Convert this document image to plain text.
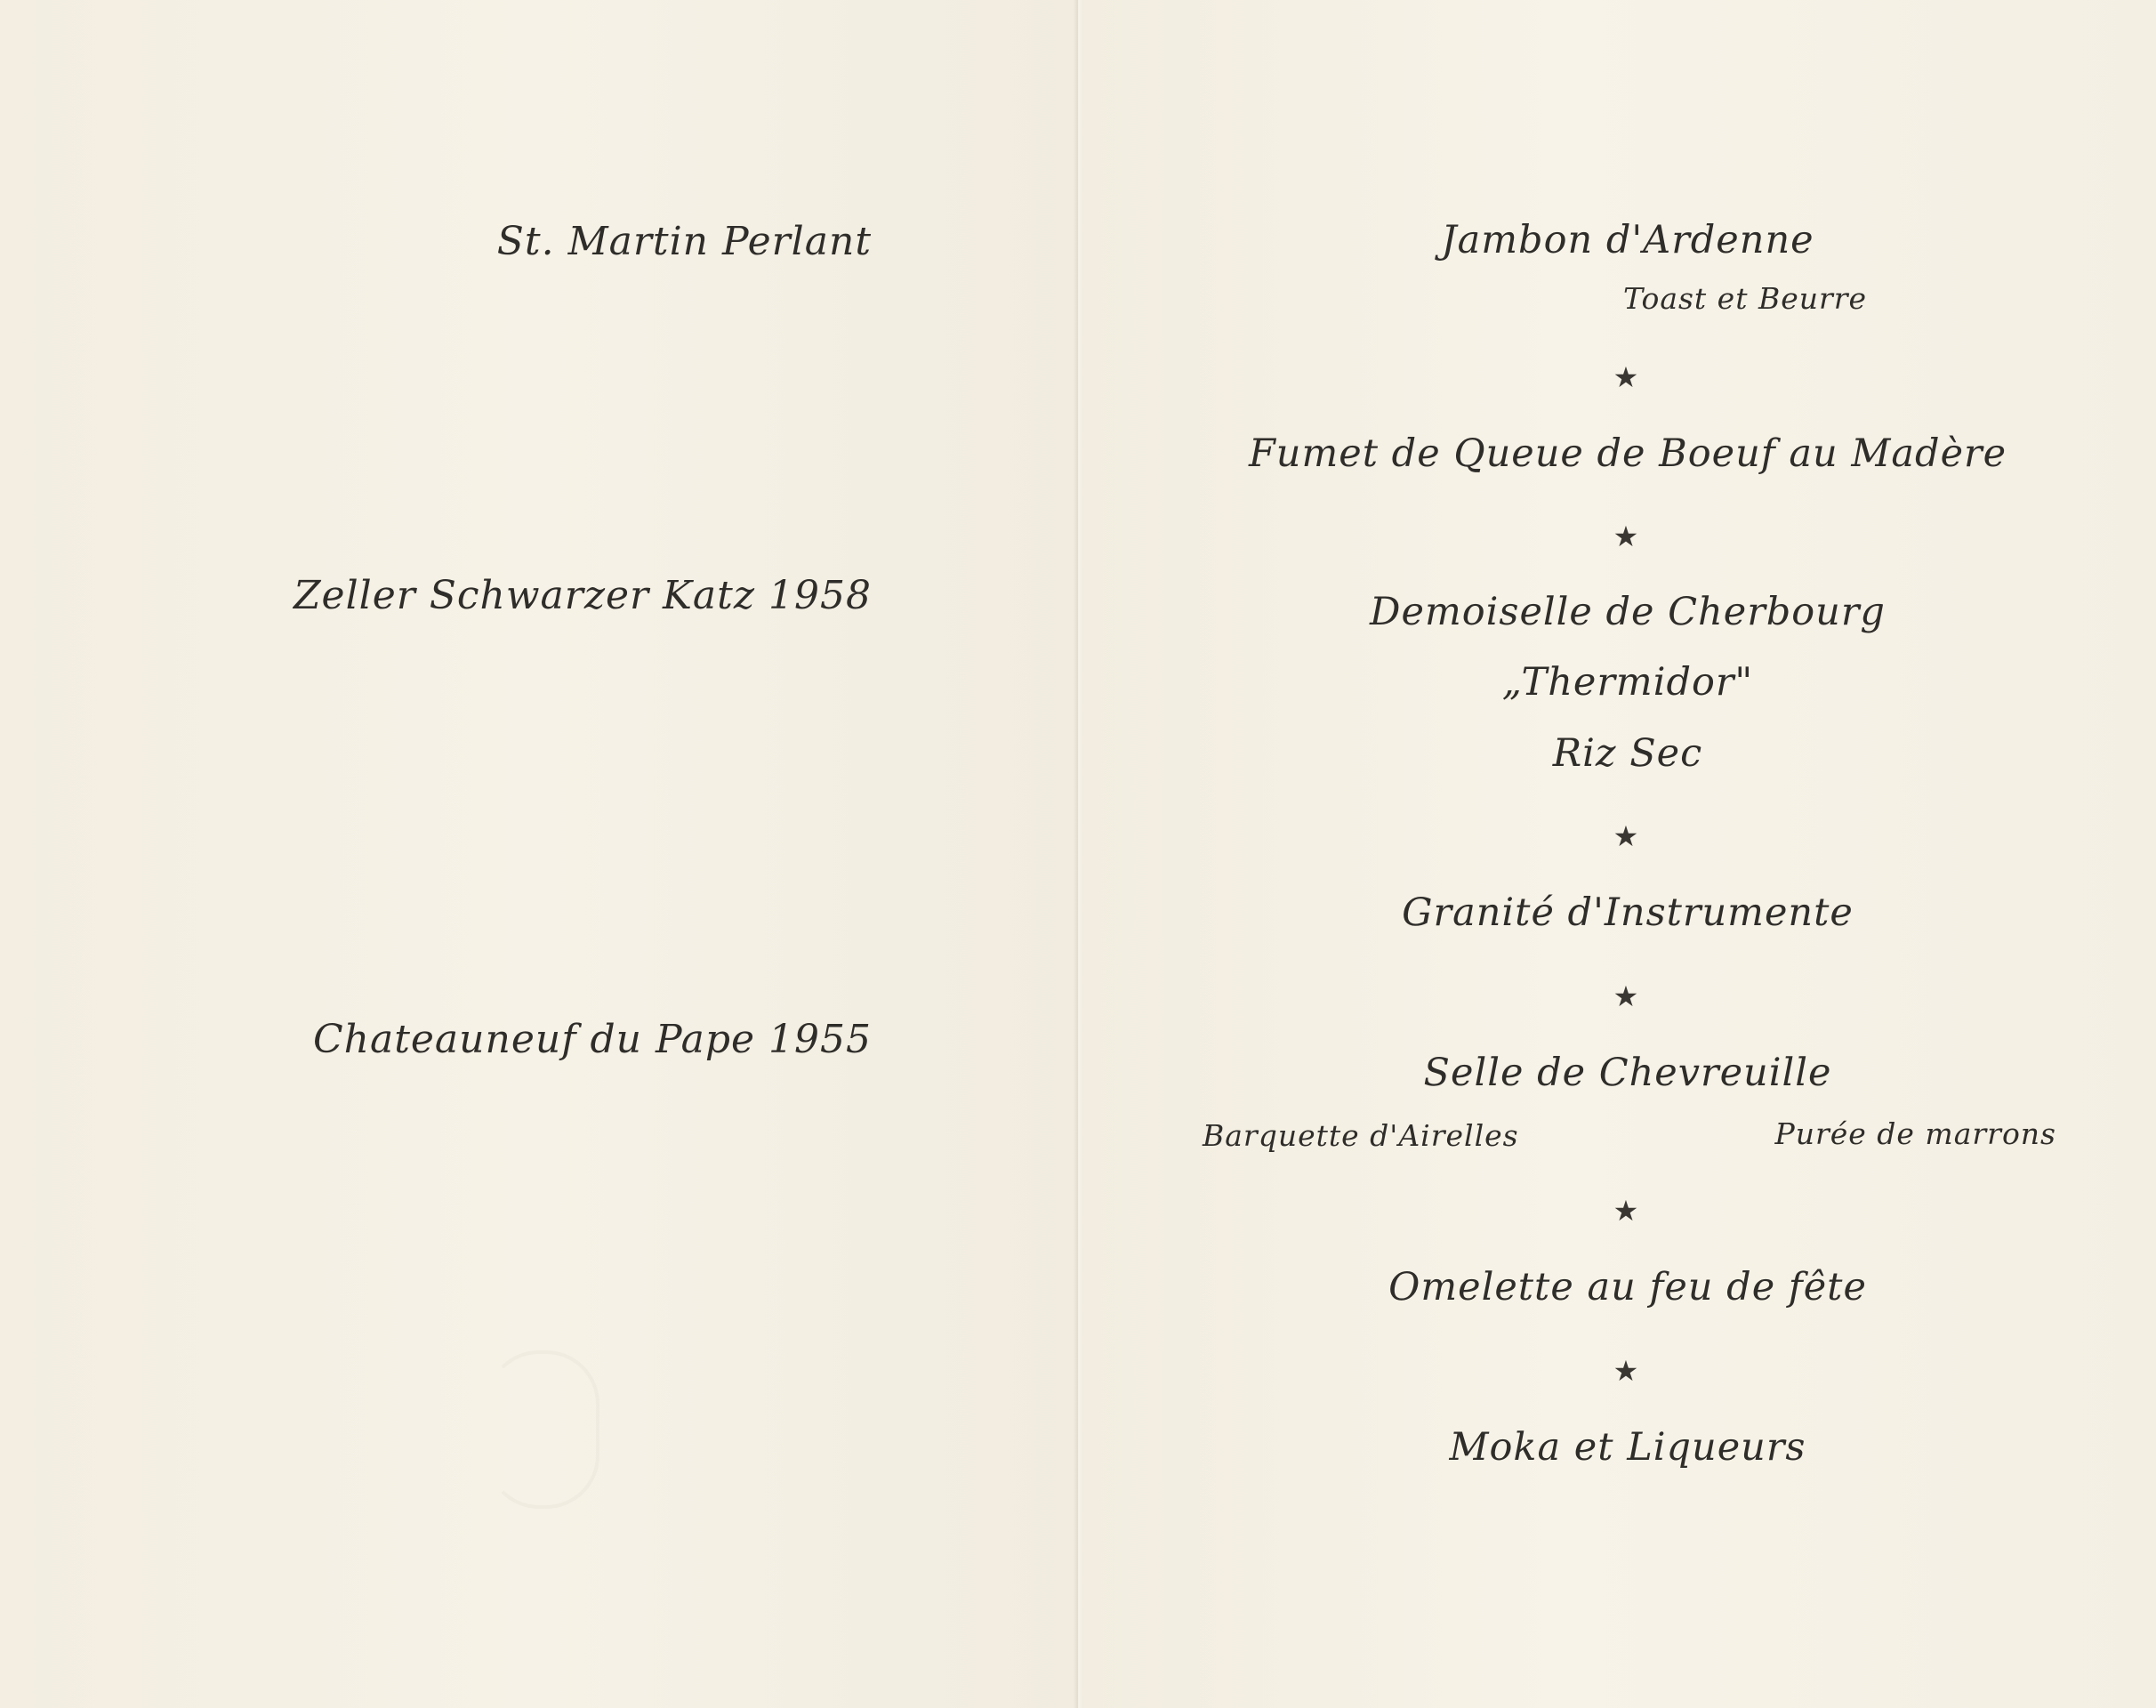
St. Martin Perlant
Zeller Schwarzer Katz 1958
Chateauneuf du Pape 1955
Jambon d'Ardenne
Toast et Beurre
★
Fumet de Queue de Boeuf au Madère
★
Demoiselle de Cherbourg
„Thermidor"
Riz Sec
★
Granité d'Instrumente
★
Selle de Chevreuille
Barquette d'Airelles	Purée de marrons
★
Omelette au feu de fête
★
Moka et Liqueurs
